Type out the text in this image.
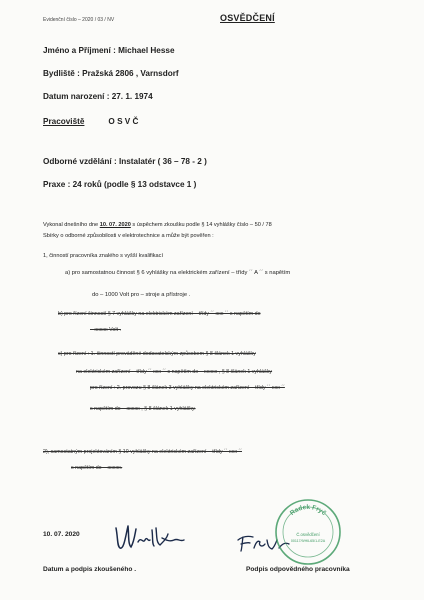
Evidenční číslo – 2020 / 03 / NV	OSVĚDČENÍ
Jméno a Příjmení : Michael Hesse
Bydliště : Pražská 2806 , Varnsdorf
Datum narození : 27. 1. 1974
Pracoviště	O S V Č
Odborné vzdělání : Instalatér ( 36 – 78 - 2 )
Praxe : 24 roků (podle § 13 odstavce 1 )
Vykonal dnešního dne 10. 07. 2020 s úspěchem zkoušku podle § 14 vyhlášky číslo – 50 / 78
Sbírky o odborné způsobilosti v elektrotechnice a může být pověřen :
1, činností pracovníka znalého s vyšší kvalifikací
a) pro samostatnou činnost § 6 vyhlášky na elektrickém zařízení – třídy ´´ A ´´ s napětím
do – 1000 Volt pro – stroje a přístroje .
b) pro řízení činností § 7 vyhlášky na elektrickém zařízení – třídy ´´ xxx ´´ s napětím do
– xxxxx Volt .
c) pro řízení : 1. činností prováděné dodavatelským způsobem § 8 článek 1 vyhlášky
na elektrickém zařízení – třídy ´´ xxx ´´ s napětím do – xxxxx , § 8 článek 1 vyhlášky
pro řízení : 2. provozu § 8 článek 3 vyhlášky na elektrickém zařízení – třídy ´´ xxx ´´
s napětím do – xxxxx , § 8 článek 1 vyhlášky.
2), samostatným projektováním § 10 vyhlášky na elektrickém zařízení – třídy ´´ xxx ´´
s napětím do – xxxxx.
10. 07. 2020
Radek Fryč
Č.osvědčení
00117/9/HIL65/1-E2A
Datum a podpis zkoušeného .	Podpis odpovědného pracovníka
